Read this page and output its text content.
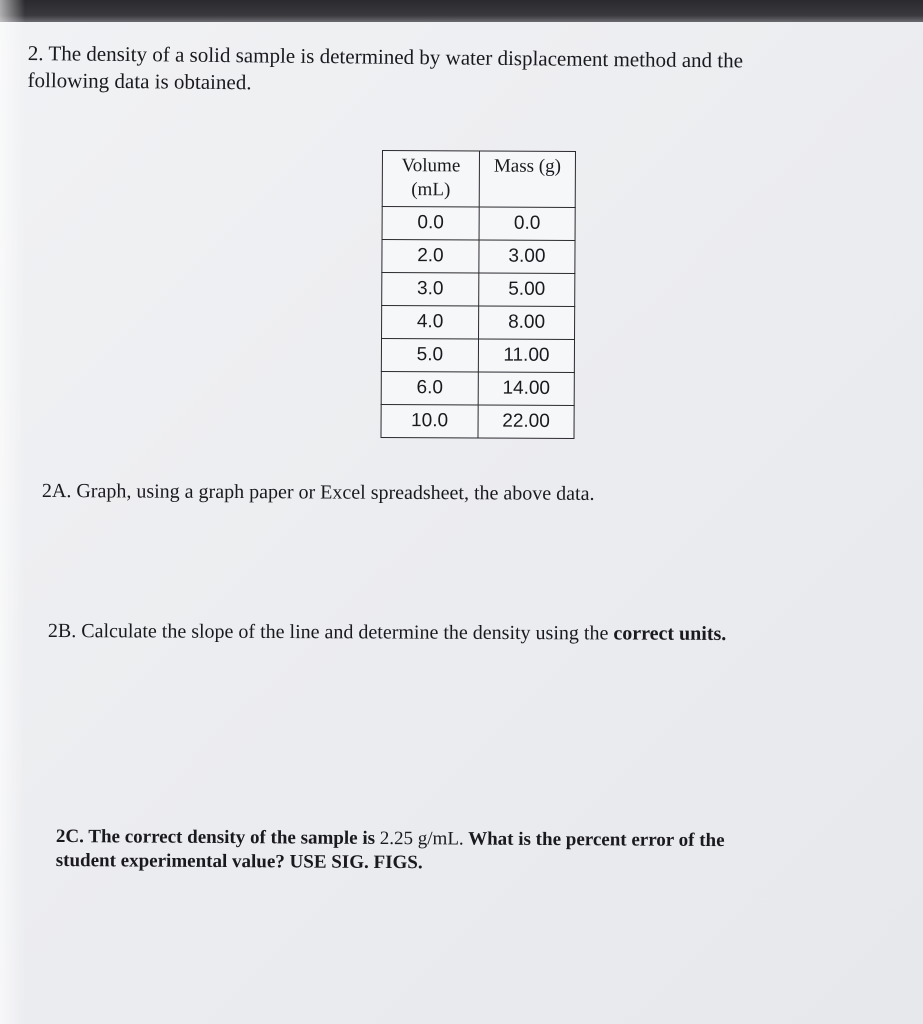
2. The density of a solid sample is determined by water displacement method and the
following data is obtained.
Volume (mL)	Mass (g)
0.0	0.0
2.0	3.00
3.0	5.00
4.0	8.00
5.0	11.00
6.0	14.00
10.0	22.00
2A. Graph, using a graph paper or Excel spreadsheet, the above data.
2B. Calculate the slope of the line and determine the density using the correct units.
2C. The correct density of the sample is 2.25 g/mL. What is the percent error of the
student experimental value? USE SIG. FIGS.
